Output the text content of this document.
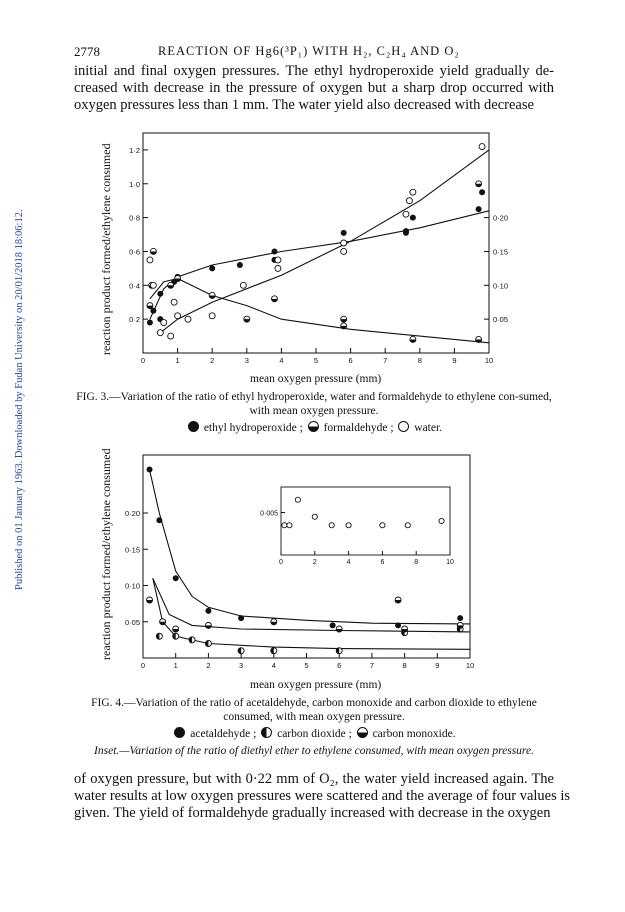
Published on 01 January 1963. Downloaded by Fudan University on 20/01/2018 18:06:12.
2778	REACTION OF Hg6(³P₁) WITH H₂, C₂H₄ AND O₂
initial and final oxygen pressures. The ethyl hydroperoxide yield gradually de-
creased with decrease in the pressure of oxygen but a sharp drop occurred with
oxygen pressures less than 1 mm. The water yield also decreased with decrease
reaction product formed/ethylene consumed
0	1	2	3	4	5	6	7	8	9	10
0·2
0·4
0·6
0·8
1·0
1·2
0·05
0·10
0·15
0·20
mean oxygen pressure (mm)
FIG. 3.—Variation of the ratio of ethyl hydroperoxide, water and formaldehyde to ethylene con-sumed, with mean oxygen pressure.
ethyl hydroperoxide ; formaldehyde ; water.
reaction product formed/ethylene consumed
0	1	2	3	4	5	6	7	8	9	10
0·05
0·10
0·15
0·20
0	2	4	6	8	10
0·005
mean oxygen pressure (mm)
FIG. 4.—Variation of the ratio of acetaldehyde, carbon monoxide and carbon dioxide to ethylene consumed, with mean oxygen pressure.
acetaldehyde ; carbon dioxide ; carbon monoxide.
Inset.—Variation of the ratio of diethyl ether to ethylene consumed, with mean oxygen pressure.
of oxygen pressure, but with 0·22 mm of O₂, the water yield increased again. The
water results at low oxygen pressures were scattered and the average of four values is
given. The yield of formaldehyde gradually increased with decrease in the oxygen
